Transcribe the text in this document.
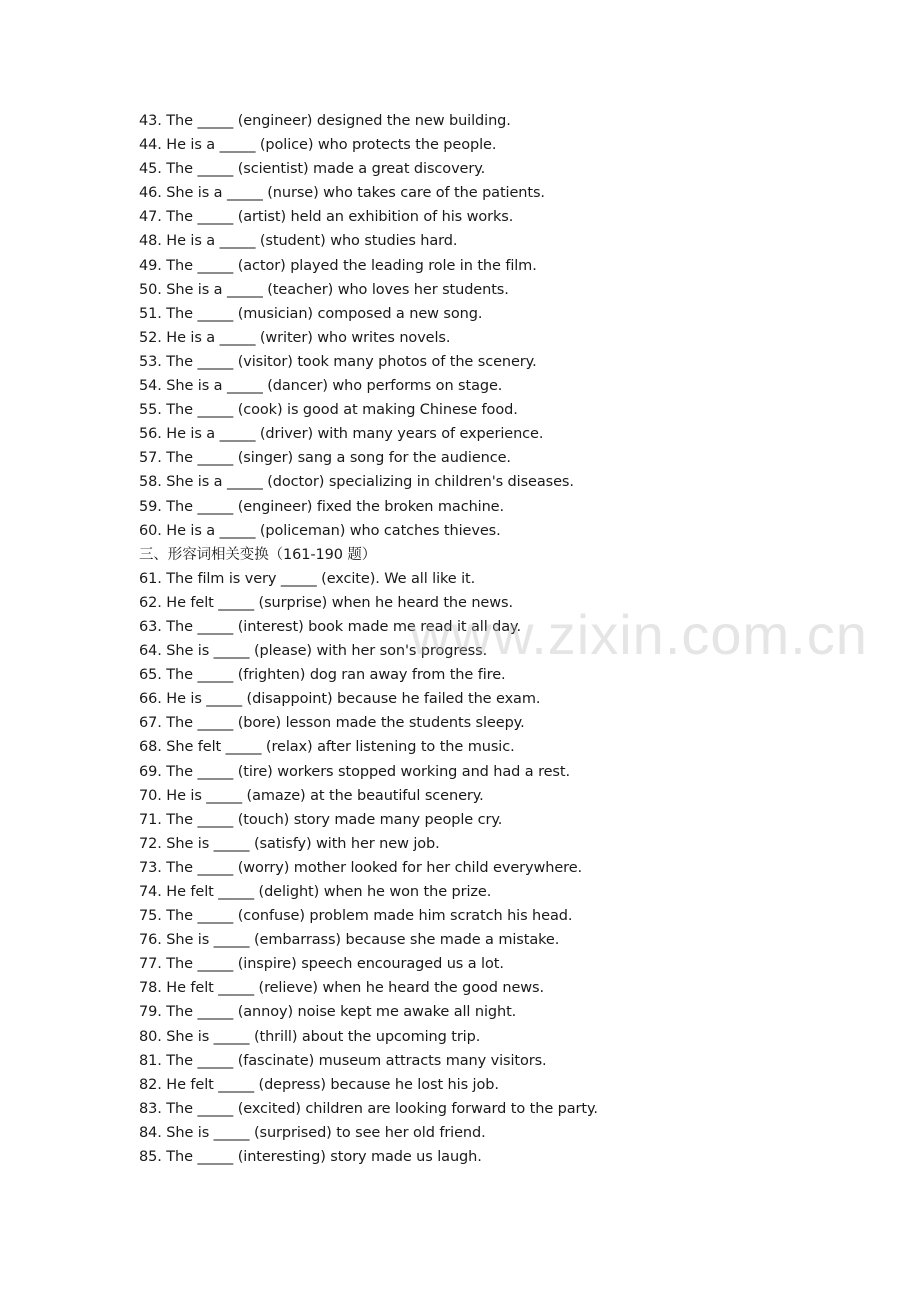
43. The _____ (engineer) designed the new building.
44. He is a _____ (police) who protects the people.
45. The _____ (scientist) made a great discovery.
46. She is a _____ (nurse) who takes care of the patients.
47. The _____ (artist) held an exhibition of his works.
48. He is a _____ (student) who studies hard.
49. The _____ (actor) played the leading role in the film.
50. She is a _____ (teacher) who loves her students.
51. The _____ (musician) composed a new song.
52. He is a _____ (writer) who writes novels.
53. The _____ (visitor) took many photos of the scenery.
54. She is a _____ (dancer) who performs on stage.
55. The _____ (cook) is good at making Chinese food.
56. He is a _____ (driver) with many years of experience.
57. The _____ (singer) sang a song for the audience.
58. She is a _____ (doctor) specializing in children's diseases.
59. The _____ (engineer) fixed the broken machine.
60. He is a _____ (policeman) who catches thieves.
三、形容词相关变换（161-190 题）
61. The film is very _____ (excite). We all like it.
62. He felt _____ (surprise) when he heard the news.
63. The _____ (interest) book made me read it all day.
64. She is _____ (please) with her son's progress.
65. The _____ (frighten) dog ran away from the fire.
66. He is _____ (disappoint) because he failed the exam.
67. The _____ (bore) lesson made the students sleepy.
68. She felt _____ (relax) after listening to the music.
69. The _____ (tire) workers stopped working and had a rest.
70. He is _____ (amaze) at the beautiful scenery.
71. The _____ (touch) story made many people cry.
72. She is _____ (satisfy) with her new job.
73. The _____ (worry) mother looked for her child everywhere.
74. He felt _____ (delight) when he won the prize.
75. The _____ (confuse) problem made him scratch his head.
76. She is _____ (embarrass) because she made a mistake.
77. The _____ (inspire) speech encouraged us a lot.
78. He felt _____ (relieve) when he heard the good news.
79. The _____ (annoy) noise kept me awake all night.
80. She is _____ (thrill) about the upcoming trip.
81. The _____ (fascinate) museum attracts many visitors.
82. He felt _____ (depress) because he lost his job.
83. The _____ (excited) children are looking forward to the party.
84. She is _____ (surprised) to see her old friend.
85. The _____ (interesting) story made us laugh.
www.zixin.com.cn
